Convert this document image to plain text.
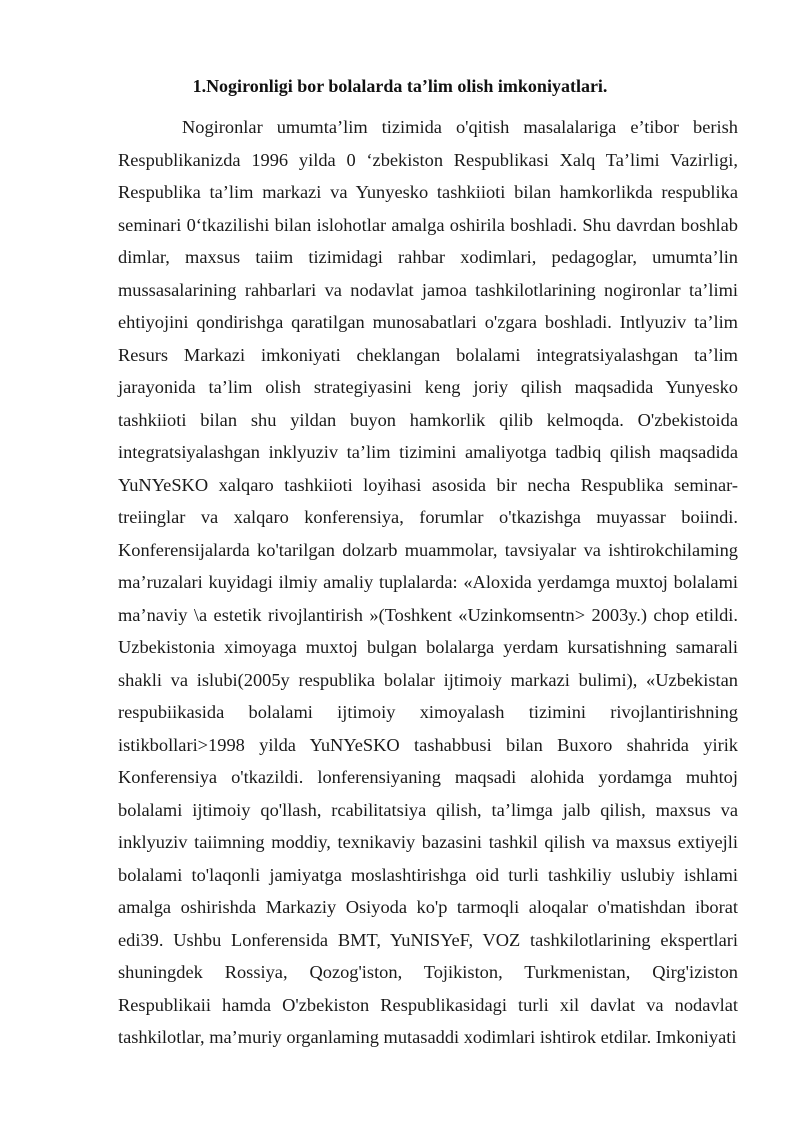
1.Nogironligi bor bolalarda ta’lim olish imkoniyatlari.

Nogironlar umumta’lim tizimida o'qitish masalalariga e’tibor berish Respublikanizda 1996 yilda 0 ‘zbekiston Respublikasi Xalq Ta’limi Vazirligi, Respublika ta’lim markazi va Yunyesko tashkiioti bilan hamkorlikda respublika seminari 0‘tkazilishi bilan islohotlar amalga oshirila boshladi. Shu davrdan boshlab dimlar, maxsus taiim tizimidagi rahbar xodimlari, pedagoglar, umumta’lin mussasalarining rahbarlari va nodavlat jamoa tashkilotlarining nogironlar ta’limi ehtiyojini qondirishga qaratilgan munosabatlari o'zgara boshladi. Intlyuziv ta’lim Resurs Markazi imkoniyati cheklangan bolalami integratsiyalashgan ta’lim jarayonida ta’lim olish strategiyasini keng joriy qilish maqsadida Yunyesko tashkiioti bilan shu yildan buyon hamkorlik qilib kelmoqda. O'zbekistoida integratsiyalashgan inklyuziv ta’lim tizimini amaliyotga tadbiq qilish maqsadida YuNYeSKO xalqaro tashkiioti loyihasi asosida bir necha Respublika seminar-treiinglar va xalqaro konferensiya, forumlar o'tkazishga muyassar boiindi. Konferensijalarda ko'tarilgan dolzarb muammolar, tavsiyalar va ishtirokchilaming ma’ruzalari kuyidagi ilmiy amaliy tuplalarda: «Aloxida yerdamga muxtoj bolalami ma’naviy \a estetik rivojlantirish »(Toshkent «Uzinkomsentn> 2003y.) chop etildi. Uzbekistonia ximoyaga muxtoj bulgan bolalarga yerdam kursatishning samarali shakli va islubi(2005y respublika bolalar ijtimoiy markazi bulimi), «Uzbekistan respubiikasida bolalami ijtimoiy ximoyalash tizimini rivojlantirishning istikbollari>1998 yilda YuNYeSKO tashabbusi bilan Buxoro shahrida yirik Konferensiya o'tkazildi. lonferensiyaning maqsadi alohida yordamga muhtoj bolalami ijtimoiy qo'llash, rcabilitatsiya qilish, ta’limga jalb qilish, maxsus va inklyuziv taiimning moddiy, texnikaviy bazasini tashkil qilish va maxsus extiyejli bolalami to'laqonli jamiyatga moslashtirishga oid turli tashkiliy uslubiy ishlami amalga oshirishda Markaziy Osiyoda ko'p tarmoqli aloqalar o'matishdan iborat edi39. Ushbu Lonferensida BMT, YuNISYeF, VOZ tashkilotlarining ekspertlari shuningdek Rossiya, Qozog'iston, Tojikiston, Turkmenistan, Qirg'iziston Respublikaii hamda O'zbekiston Respublikasidagi turli xil davlat va nodavlat tashkilotlar, ma’muriy organlaming mutasaddi xodimlari ishtirok etdilar. Imkoniyati
